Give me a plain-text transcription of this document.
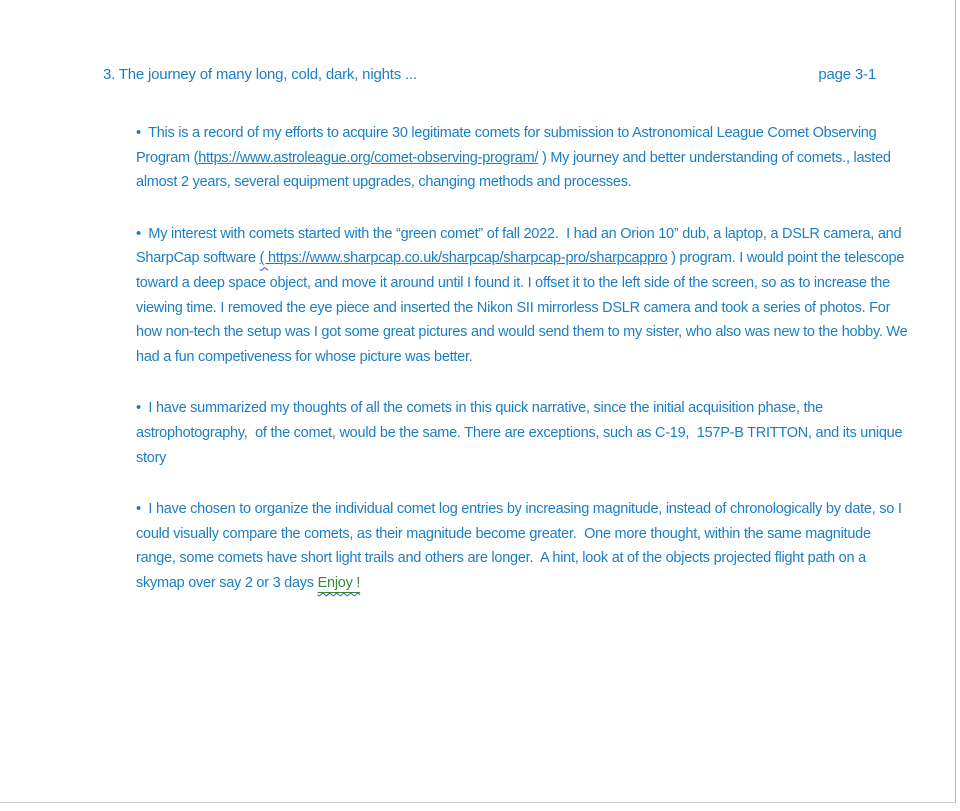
3. The journey of many long, cold, dark, nights ...	page 3-1

•  This is a record of my efforts to acquire 30 legitimate comets for submission to Astronomical League Comet Observing Program (https://www.astroleague.org/comet-observing-program/ ) My journey and better understanding of comets., lasted almost 2 years, several equipment upgrades, changing methods and processes.

•  My interest with comets started with the “green comet” of fall 2022.  I had an Orion 10” dub, a laptop, a DSLR camera, and SharpCap software ( https://www.sharpcap.co.uk/sharpcap/sharpcap-pro/sharpcappro ) program. I would point the telescope  toward a deep space object, and move it around until I found it. I offset it to the left side of the screen, so as to increase the viewing time. I removed the eye piece and inserted the Nikon SII mirrorless DSLR camera and took a series of photos. For how non-tech the setup was I got some great pictures and would send them to my sister, who also was new to the hobby. We had a fun competiveness for whose picture was better.

•  I have summarized my thoughts of all the comets in this quick narrative, since the initial acquisition phase, the astrophotography,  of the comet, would be the same. There are exceptions, such as C-19,  157P-B TRITTON, and its unique story

•  I have chosen to organize the individual comet log entries by increasing magnitude, instead of chronologically by date, so I could visually compare the comets, as their magnitude become greater.  One more thought, within the same magnitude range, some comets have short light trails and others are longer.  A hint, look at of the objects projected flight path on a skymap over say 2 or 3 days Enjoy !
